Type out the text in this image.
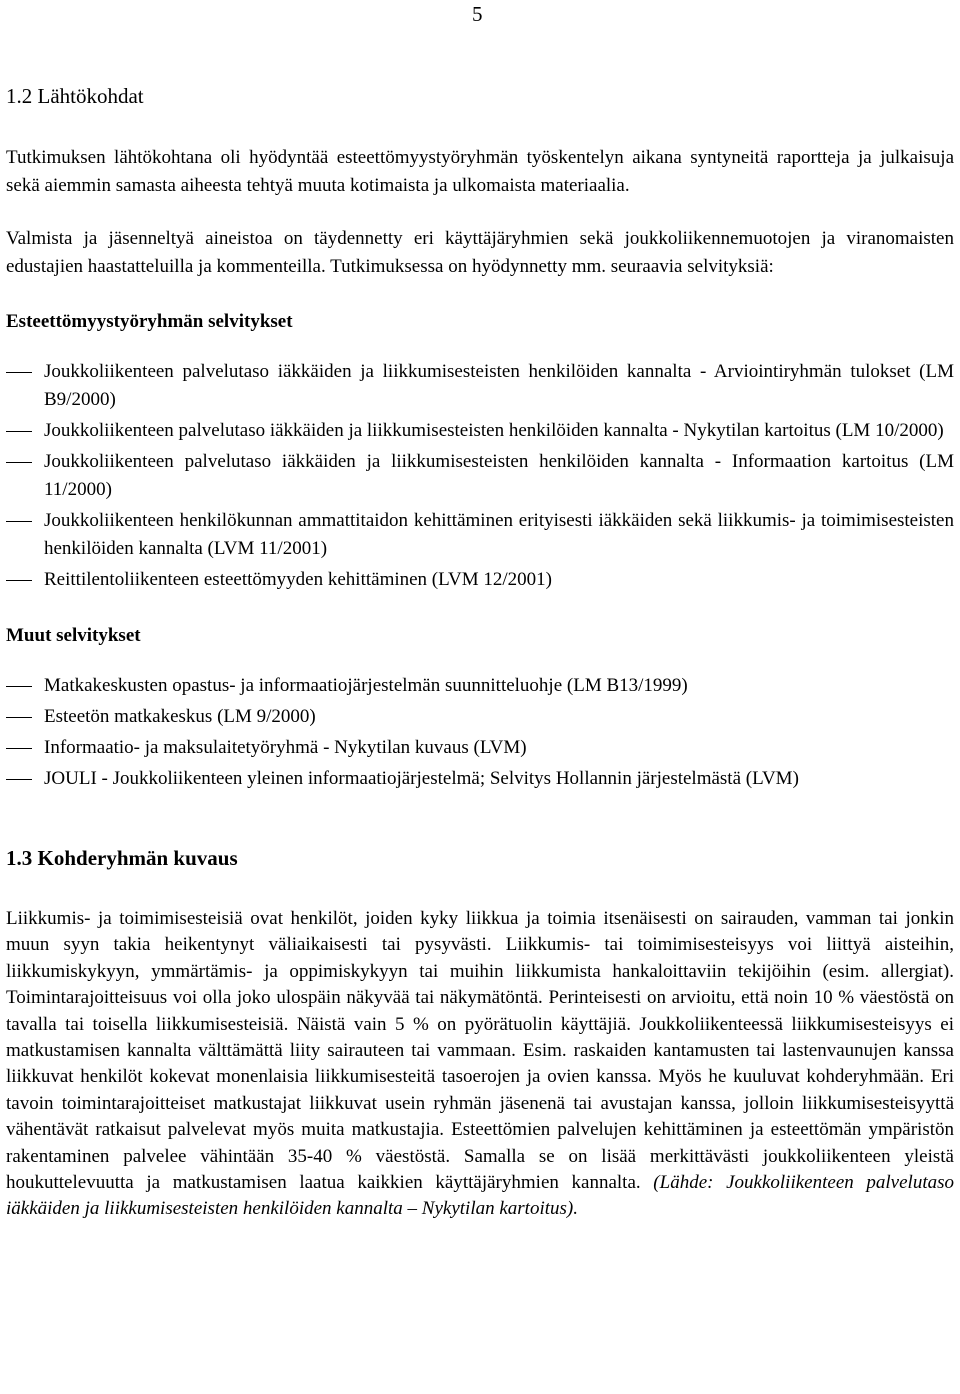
5
1.2 Lähtökohdat

Tutkimuksen lähtökohtana oli hyödyntää esteettömyystyöryhmän työskentelyn aikana syntyneitä raportteja ja julkaisuja sekä aiemmin samasta aiheesta tehtyä muuta kotimaista ja ulkomaista materiaalia.

Valmista ja jäsenneltyä aineistoa on täydennetty eri käyttäjäryhmien sekä joukkoliikennemuotojen ja viranomaisten edustajien haastatteluilla ja kommenteilla. Tutkimuksessa on hyödynnetty mm. seuraavia selvityksiä:

Esteettömyystyöryhmän selvitykset
Joukkoliikenteen palvelutaso iäkkäiden ja liikkumisesteisten henkilöiden kannalta - Arviointiryhmän tulokset (LM B9/2000)
Joukkoliikenteen palvelutaso iäkkäiden ja liikkumisesteisten henkilöiden kannalta - Nykytilan kartoitus (LM 10/2000)
Joukkoliikenteen palvelutaso iäkkäiden ja liikkumisesteisten henkilöiden kannalta - Informaation kartoitus (LM 11/2000)
Joukkoliikenteen henkilökunnan ammattitaidon kehittäminen erityisesti iäkkäiden sekä liikkumis- ja toimimisesteisten henkilöiden kannalta (LVM 11/2001)
Reittilentoliikenteen esteettömyyden kehittäminen (LVM 12/2001)
Muut selvitykset
Matkakeskusten opastus- ja informaatiojärjestelmän suunnitteluohje (LM B13/1999)
Esteetön matkakeskus (LM 9/2000)
Informaatio- ja maksulaitetyöryhmä - Nykytilan kuvaus (LVM)
JOULI - Joukkoliikenteen yleinen informaatiojärjestelmä; Selvitys Hollannin järjestelmästä (LVM)
1.3 Kohderyhmän kuvaus

Liikkumis- ja toimimisesteisiä ovat henkilöt, joiden kyky liikkua ja toimia itsenäisesti on sairauden, vamman tai jonkin muun syyn takia heikentynyt väliaikaisesti tai pysyvästi. Liikkumis- tai toimimisesteisyys voi liittyä aisteihin, liikkumiskykyyn, ymmärtämis- ja oppimiskykyyn tai muihin liikkumista hankaloittaviin tekijöihin (esim. allergiat). Toimintarajoitteisuus voi olla joko ulospäin näkyvää tai näkymätöntä. Perinteisesti on arvioitu, että noin 10 % väestöstä on tavalla tai toisella liikkumisesteisiä. Näistä vain 5 % on pyörätuolin käyttäjiä. Joukkoliikenteessä liikkumisesteisyys ei matkustamisen kannalta välttämättä liity sairauteen tai vammaan. Esim. raskaiden kantamusten tai lastenvaunujen kanssa liikkuvat henkilöt kokevat monenlaisia liikkumisesteitä tasoerojen ja ovien kanssa. Myös he kuuluvat kohderyhmään. Eri tavoin toimintarajoitteiset matkustajat liikkuvat usein ryhmän jäsenenä tai avustajan kanssa, jolloin liikkumisesteisyyttä vähentävät ratkaisut palvelevat myös muita matkustajia. Esteettömien palvelujen kehittäminen ja esteettömän ympäristön rakentaminen palvelee vähintään 35-40 % väestöstä. Samalla se on lisää merkittävästi joukkoliikenteen yleistä houkuttelevuutta ja matkustamisen laatua kaikkien käyttäjäryhmien kannalta. (Lähde: Joukkoliikenteen palvelutaso iäkkäiden ja liikkumisesteisten henkilöiden kannalta – Nykytilan kartoitus).
